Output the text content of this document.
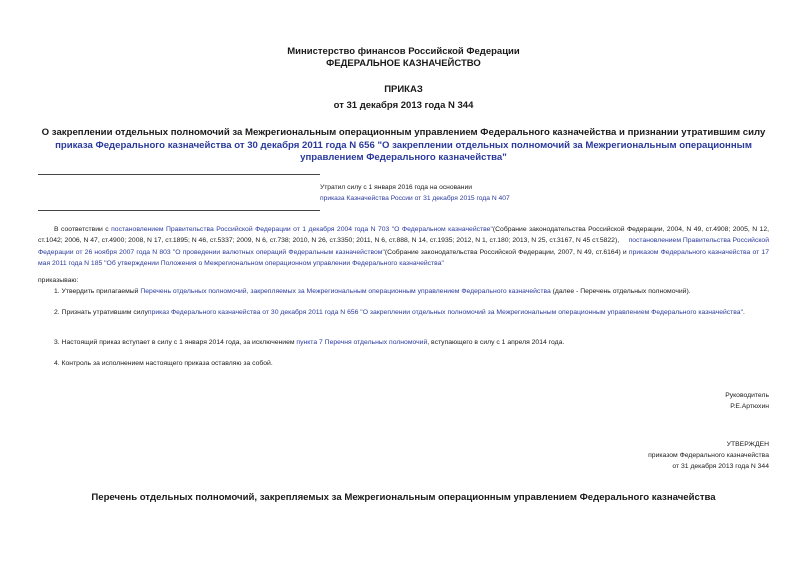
Министерство финансов Российской Федерации
ФЕДЕРАЛЬНОЕ КАЗНАЧЕЙСТВО
ПРИКАЗ
от 31 декабря 2013 года N 344
О закреплении отдельных полномочий за Межрегиональным операционным управлением Федерального казначейства и признании утратившим силу приказа Федерального казначейства от 30 декабря 2011 года N 656 "О закреплении отдельных полномочий за Межрегиональным операционным управлением Федерального казначейства"
Утратил силу с 1 января 2016 года на основании
приказа Казначейства России от 31 декабря 2015 года N 407
В соответствии с постановлением Правительства Российской Федерации от 1 декабря 2004 года N 703 "О Федеральном казначействе"(Собрание законодательства Российской Федерации, 2004, N 49, ст.4908; 2005, N 12, ст.1042; 2006, N 47, ст.4900; 2008, N 17, ст.1895; N 46, ст.5337; 2009, N 6, ст.738; 2010, N 26, ст.3350; 2011, N 6, ст.888, N 14, ст.1935; 2012, N 1, ст.180; 2013, N 25, ст.3167, N 45 ст.5822), постановлением Правительства Российской Федерации от 26 ноября 2007 года N 803 "О проведении валютных операций Федеральным казначейством"(Собрание законодательства Российской Федерации, 2007, N 49, ст.6164) и приказом Федерального казначейства от 17 мая 2011 года N 185 "Об утверждении Положения о Межрегиональном операционном управлении Федерального казначейства"
приказываю:
1. Утвердить прилагаемый Перечень отдельных полномочий, закрепляемых за Межрегиональным операционным управлением Федерального казначейства (далее - Перечень отдельных полномочий).
2. Признать утратившим силуприказ Федерального казначейства от 30 декабря 2011 года N 656 "О закреплении отдельных полномочий за Межрегиональным операционным управлением Федерального казначейства".
3. Настоящий приказ вступает в силу с 1 января 2014 года, за исключением пункта 7 Перечня отдельных полномочий, вступающего в силу с 1 апреля 2014 года.
4. Контроль за исполнением настоящего приказа оставляю за собой.
Руководитель
Р.Е.Артюхин
УТВЕРЖДЕН
приказом Федерального казначейства
от 31 декабря 2013 года N 344
Перечень отдельных полномочий, закрепляемых за Межрегиональным операционным управлением Федерального казначейства
